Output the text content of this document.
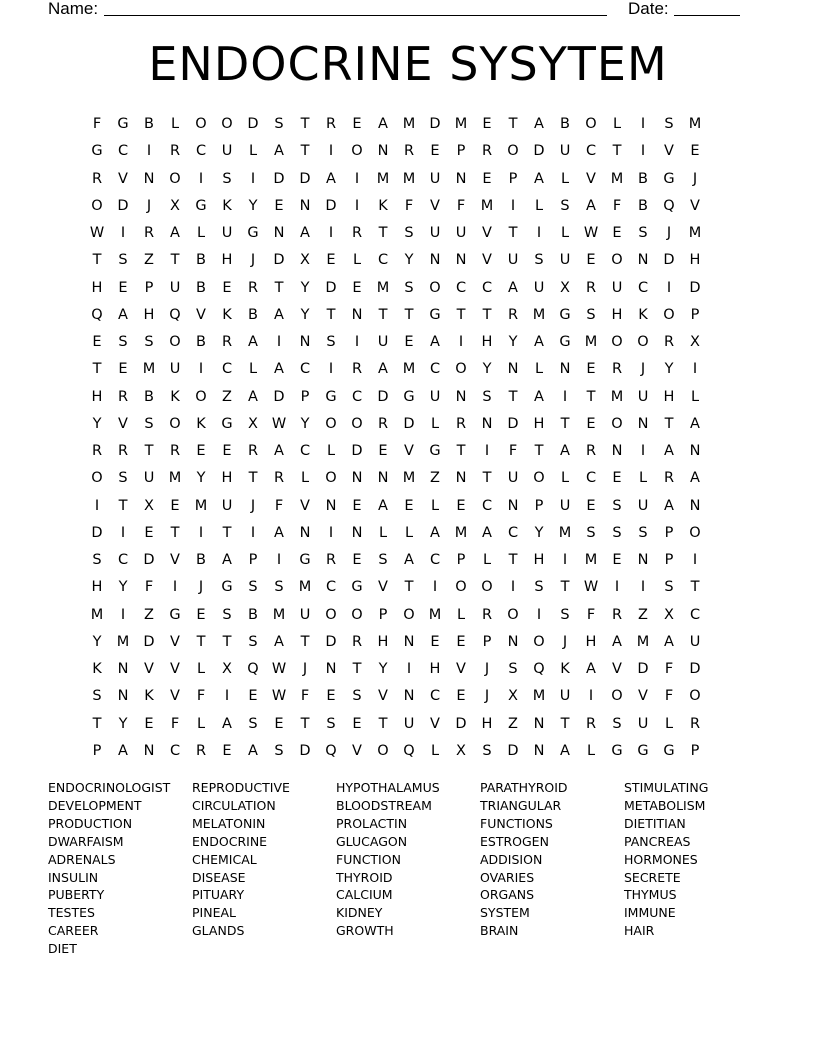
Name:	Date:
ENDOCRINE SYSYTEM
F	G	B	L	O	O	D	S	T	R	E	A	M D M	E	T	A	B	O	L	I	S	M
G	C	I	R	C	U	L	A	T	I	O	N	R	E	P	R	O	D	U	C	T	I	V	E
R	V	N	O	I	S	I	D	D	A	I	M M U	N	E	P	A	L	V	M	B	G	J
O	D	J	X	G	K	Y	E	N	D	I	K	F	V	F	M	I	L	S	A	F	B	Q	V
W	I	R	A	L	U	G	N	A	I	R	T	S	U	U	V	T	I	L	W E	S	J	M
T	S	Z	T	B	H	J	D	X	E	L	C	Y	N	N	V	U	S	U	E	O	N	D	H
H	E	P	U	B	E	R	T	Y	D	E	M	S	O	C	C	A	U	X	R	U	C	I	D
Q	A	H	Q	V	K	B	A	Y	T	N	T	T	G	T	T	R	M G	S	H	K	O	P
E	S	S	O	B	R	A	I	N	S	I	U	E	A	I	H	Y	A	G M O	O	R	X
T	E	M U	I	C	L	A	C	I	R	A	M	C	O	Y	N	L	N	E	R	J	Y	I
H	R	B	K	O	Z	A	D	P	G	C	D	G	U	N	S	T	A	I	T	M U	H	L
Y	V	S	O	K	G	X W Y	O	O	R	D	L	R	N	D	H	T	E	O	N	T	A
R	R	T	R	E	E	R	A	C	L	D	E	V	G	T	I	F	T	A	R	N	I	A	N
O	S	U M	Y	H	T	R	L	O	N	N M	Z	N	T	U	O	L	C	E	L	R	A
I	T	X	E	M U	J	F	V	N	E	A	E	L	E	C	N	P	U	E	S	U	A	N
D	I	E	T	I	T	I	A	N	I	N	L	L	A	M	A	C	Y	M	S	S	S	P	O
S	C	D	V	B	A	P	I	G	R	E	S	A	C	P	L	T	H	I	M	E	N	P	I
H	Y	F	I	J	G	S	S	M	C	G	V	T	I	O	O	I	S	T W	I	I	S	T
M	I	Z	G	E	S	B	M U	O	O	P	O M	L	R	O	I	S	F	R	Z	X	C
Y	M D	V	T	T	S	A	T	D	R	H	N	E	E	P	N	O	J	H	A	M	A	U
K	N	V	V	L	X	Q W	J	N	T	Y	I	H	V	J	S	Q	K	A	V	D	F	D
S	N	K	V	F	I	E W	F	E	S	V	N	C	E	J	X	M U	I	O	V	F	O
T	Y	E	F	L	A	S	E	T	S	E	T	U	V	D	H	Z	N	T	R	S	U	L	R
P	A	N	C	R	E	A	S	D	Q	V	O	Q	L	X	S	D	N	A	L	G	G	G	P
ENDOCRINOLOGIST
DEVELOPMENT
PRODUCTION
DWARFAISM
ADRENALS
INSULIN
PUBERTY
TESTES
CAREER
DIET
REPRODUCTIVE
CIRCULATION
MELATONIN
ENDOCRINE
CHEMICAL
DISEASE
PITUARY
PINEAL
GLANDS
HYPOTHALAMUS
BLOODSTREAM
PROLACTIN
GLUCAGON
FUNCTION
THYROID
CALCIUM
KIDNEY
GROWTH
PARATHYROID
TRIANGULAR
FUNCTIONS
ESTROGEN
ADDISION
OVARIES
ORGANS
SYSTEM
BRAIN
STIMULATING
METABOLISM
DIETITIAN
PANCREAS
HORMONES
SECRETE
THYMUS
IMMUNE
HAIR
